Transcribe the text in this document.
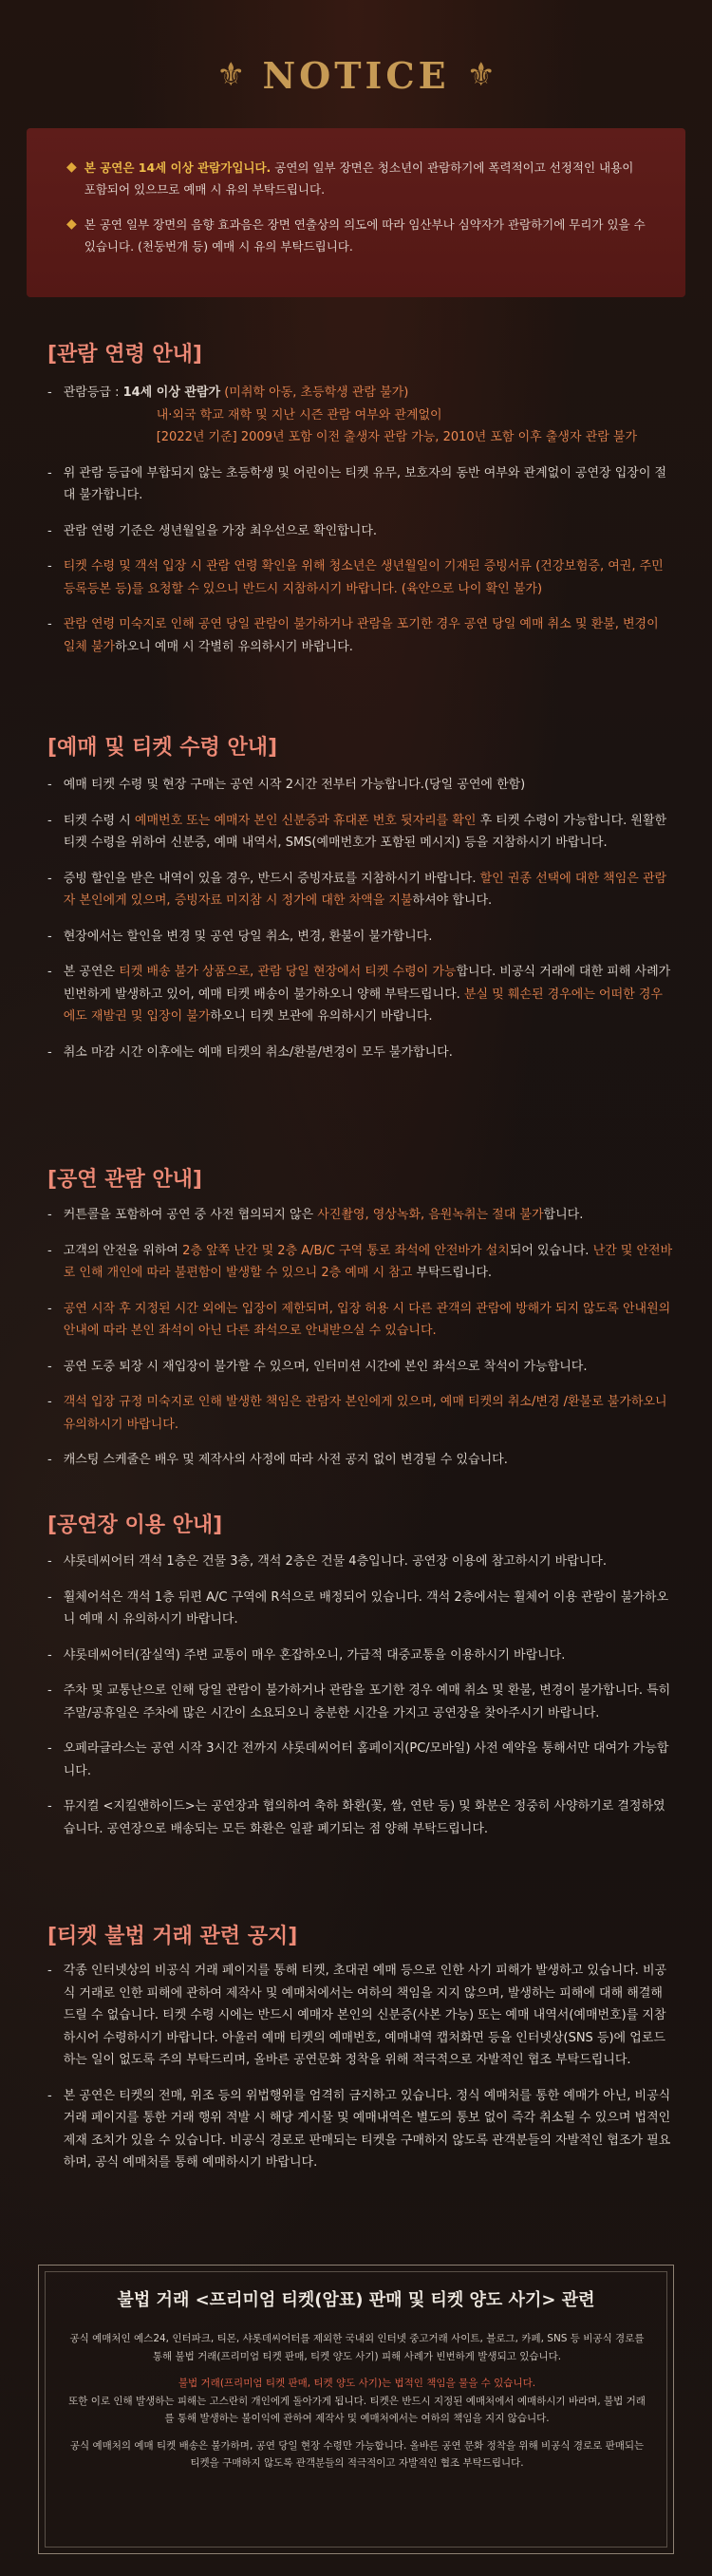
⚜ NOTICE ⚜
◆ 본 공연은 14세 이상 관람가입니다. 공연의 일부 장면은 청소년이 관람하기에 폭력적이고 선정적인 내용이 포함되어 있으므로 예매 시 유의 부탁드립니다.
◆ 본 공연 일부 장면의 음향 효과음은 장면 연출상의 의도에 따라 임산부나 심약자가 관람하기에 무리가 있을 수 있습니다. (천둥번개 등) 예매 시 유의 부탁드립니다.
[관람 연령 안내]
- 관람등급 : 14세 이상 관람가 (미취학 아동, 초등학생 관람 불가)
내·외국 학교 재학 및 지난 시즌 관람 여부와 관계없이
[2022년 기준] 2009년 포함 이전 출생자 관람 가능, 2010년 포함 이후 출생자 관람 불가
- 위 관람 등급에 부합되지 않는 초등학생 및 어린이는 티켓 유무, 보호자의 동반 여부와 관계없이 공연장 입장이 절대 불가합니다.
- 관람 연령 기준은 생년월일을 가장 최우선으로 확인합니다.
- 티켓 수령 및 객석 입장 시 관람 연령 확인을 위해 청소년은 생년월일이 기재된 증빙서류 (건강보험증, 여권, 주민등록등본 등)를 요청할 수 있으니 반드시 지참하시기 바랍니다. (육안으로 나이 확인 불가)
- 관람 연령 미숙지로 인해 공연 당일 관람이 불가하거나 관람을 포기한 경우 공연 당일 예매 취소 및 환불, 변경이 일체 불가하오니 예매 시 각별히 유의하시기 바랍니다.
[예매 및 티켓 수령 안내]
- 예매 티켓 수령 및 현장 구매는 공연 시작 2시간 전부터 가능합니다.(당일 공연에 한함)
- 티켓 수령 시 예매번호 또는 예매자 본인 신분증과 휴대폰 번호 뒷자리를 확인 후 티켓 수령이 가능합니다. 원활한 티켓 수령을 위하여 신분증, 예매 내역서, SMS(예매번호가 포함된 메시지) 등을 지참하시기 바랍니다.
- 증빙 할인을 받은 내역이 있을 경우, 반드시 증빙자료를 지참하시기 바랍니다. 할인 권종 선택에 대한 책임은 관람자 본인에게 있으며, 증빙자료 미지참 시 정가에 대한 차액을 지불하셔야 합니다.
- 현장에서는 할인을 변경 및 공연 당일 취소, 변경, 환불이 불가합니다.
- 본 공연은 티켓 배송 불가 상품으로, 관람 당일 현장에서 티켓 수령이 가능합니다. 비공식 거래에 대한 피해 사례가 빈번하게 발생하고 있어, 예매 티켓 배송이 불가하오니 양해 부탁드립니다. 분실 및 훼손된 경우에는 어떠한 경우에도 재발권 및 입장이 불가하오니 티켓 보관에 유의하시기 바랍니다.
- 취소 마감 시간 이후에는 예매 티켓의 취소/환불/변경이 모두 불가합니다.
[공연 관람 안내]
- 커튼콜을 포함하여 공연 중 사전 협의되지 않은 사진촬영, 영상녹화, 음원녹취는 절대 불가합니다.
- 고객의 안전을 위하여 2층 앞쪽 난간 및 2층 A/B/C 구역 통로 좌석에 안전바가 설치되어 있습니다. 난간 및 안전바로 인해 개인에 따라 불편함이 발생할 수 있으니 2층 예매 시 참고 부탁드립니다.
- 공연 시작 후 지정된 시간 외에는 입장이 제한되며, 입장 허용 시 다른 관객의 관람에 방해가 되지 않도록 안내원의 안내에 따라 본인 좌석이 아닌 다른 좌석으로 안내받으실 수 있습니다.
- 공연 도중 퇴장 시 재입장이 불가할 수 있으며, 인터미션 시간에 본인 좌석으로 착석이 가능합니다.
- 객석 입장 규정 미숙지로 인해 발생한 책임은 관람자 본인에게 있으며, 예매 티켓의 취소/변경 /환불로 불가하오니 유의하시기 바랍니다.
- 캐스팅 스케줄은 배우 및 제작사의 사정에 따라 사전 공지 없이 변경될 수 있습니다.
[공연장 이용 안내]
- 샤롯데씨어터 객석 1층은 건물 3층, 객석 2층은 건물 4층입니다. 공연장 이용에 참고하시기 바랍니다.
- 휠체어석은 객석 1층 뒤편 A/C 구역에 R석으로 배정되어 있습니다. 객석 2층에서는 휠체어 이용 관람이 불가하오니 예매 시 유의하시기 바랍니다.
- 샤롯데씨어터(잠실역) 주변 교통이 매우 혼잡하오니, 가급적 대중교통을 이용하시기 바랍니다.
- 주차 및 교통난으로 인해 당일 관람이 불가하거나 관람을 포기한 경우 예매 취소 및 환불, 변경이 불가합니다. 특히 주말/공휴일은 주차에 많은 시간이 소요되오니 충분한 시간을 가지고 공연장을 찾아주시기 바랍니다.
- 오페라글라스는 공연 시작 3시간 전까지 샤롯데씨어터 홈페이지(PC/모바일) 사전 예약을 통해서만 대여가 가능합니다.
- 뮤지컬 <지킬앤하이드>는 공연장과 협의하여 축하 화환(꽃, 쌀, 연탄 등) 및 화분은 정중히 사양하기로 결정하였습니다. 공연장으로 배송되는 모든 화환은 일괄 폐기되는 점 양해 부탁드립니다.
[티켓 불법 거래 관련 공지]
- 각종 인터넷상의 비공식 거래 페이지를 통해 티켓, 초대권 예매 등으로 인한 사기 피해가 발생하고 있습니다. 비공식 거래로 인한 피해에 관하여 제작사 및 예매처에서는 여하의 책임을 지지 않으며, 발생하는 피해에 대해 해결해드릴 수 없습니다. 티켓 수령 시에는 반드시 예매자 본인의 신분증(사본 가능) 또는 예매 내역서(예매번호)를 지참하시어 수령하시기 바랍니다. 아울러 예매 티켓의 예매번호, 예매내역 캡처화면 등을 인터넷상(SNS 등)에 업로드하는 일이 없도록 주의 부탁드리며, 올바른 공연문화 정착을 위해 적극적으로 자발적인 협조 부탁드립니다.
- 본 공연은 티켓의 전매, 위조 등의 위법행위를 엄격히 금지하고 있습니다. 정식 예매처를 통한 예매가 아닌, 비공식 거래 페이지를 통한 거래 행위 적발 시 해당 게시물 및 예매내역은 별도의 통보 없이 즉각 취소될 수 있으며 법적인 제재 조치가 있을 수 있습니다. 비공식 경로로 판매되는 티켓을 구매하지 않도록 관객분들의 자발적인 협조가 필요하며, 공식 예매처를 통해 예매하시기 바랍니다.
불법 거래 <프리미엄 티켓(암표) 판매 및 티켓 양도 사기> 관련

공식 예매처인 예스24, 인터파크, 티몬, 샤롯데씨어터를 제외한 국내외 인터넷 중고거래 사이트, 블로그, 카페, SNS 등 비공식 경로를 통해 불법 거래(프리미엄 티켓 판매, 티켓 양도 사기) 피해 사례가 빈번하게 발생되고 있습니다.

불법 거래(프리미엄 티켓 판매, 티켓 양도 사기)는 법적인 책임을 물을 수 있습니다.
또한 이로 인해 발생하는 피해는 고스란히 개인에게 돌아가게 됩니다. 티켓은 반드시 지정된 예매처에서 예매하시기 바라며, 불법 거래를 통해 발생하는 불이익에 관하여 제작사 및 예매처에서는 여하의 책임을 지지 않습니다.

공식 예매처의 예매 티켓 배송은 불가하며, 공연 당일 현장 수령만 가능합니다. 올바른 공연 문화 정착을 위해 비공식 경로로 판매되는 티켓을 구매하지 않도록 관객분들의 적극적이고 자발적인 협조 부탁드립니다.
